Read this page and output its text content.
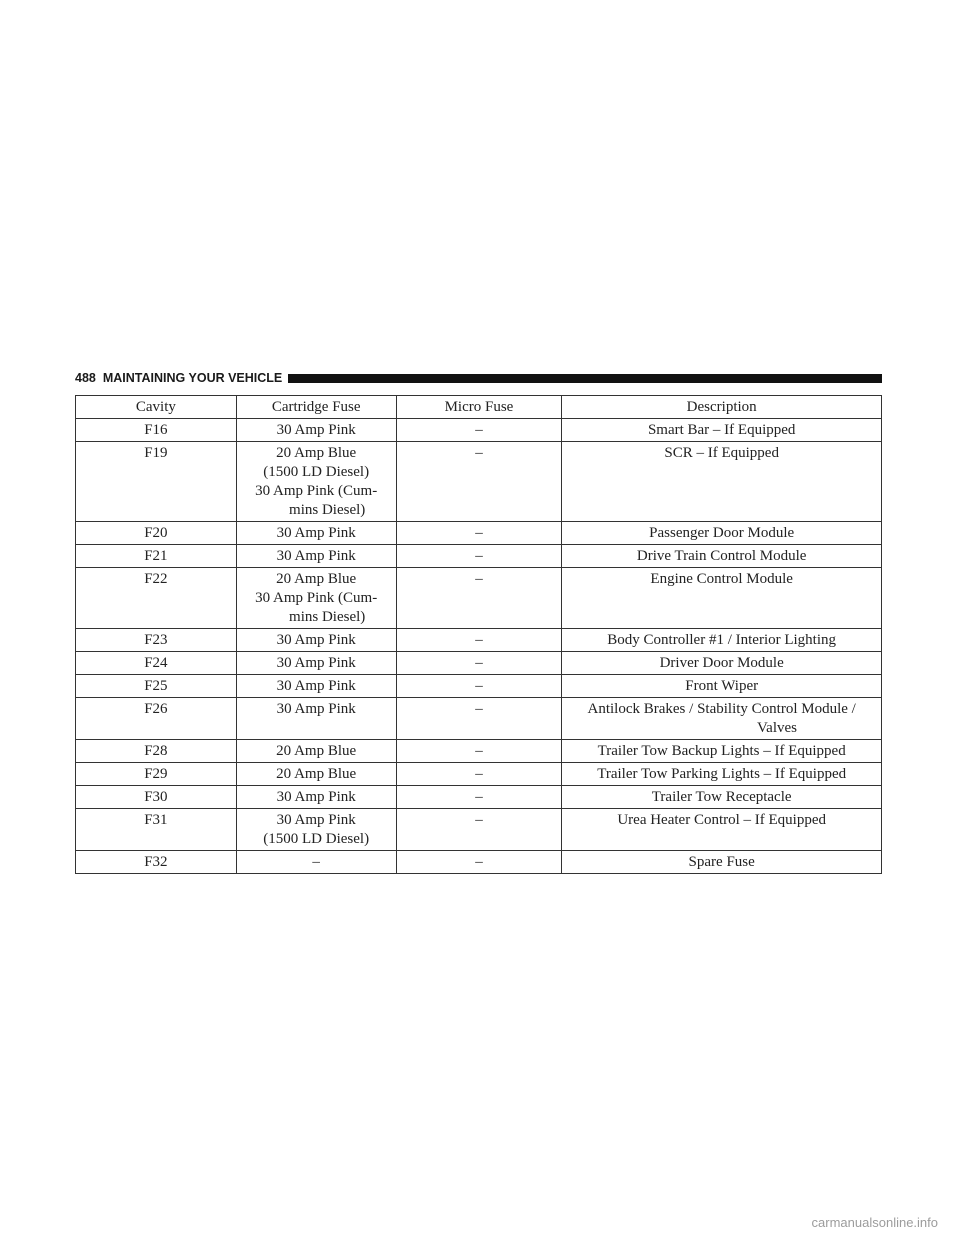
488 MAINTAINING YOUR VEHICLE
Cavity	Cartridge Fuse	Micro Fuse	Description
F16	30 Amp Pink	–	Smart Bar – If Equipped

F19	20 Amp Blue
(1500 LD Diesel)
30 Amp Pink (Cum-
mins Diesel)	–	SCR – If Equipped

F20	30 Amp Pink	–	Passenger Door Module

F21	30 Amp Pink	–	Drive Train Control Module

F22	20 Amp Blue
30 Amp Pink (Cum-
mins Diesel)	–	Engine Control Module

F23	30 Amp Pink	–	Body Controller #1 / Interior Lighting

F24	30 Amp Pink	–	Driver Door Module

F25	30 Amp Pink	–	Front Wiper

F26	30 Amp Pink	–	Antilock Brakes / Stability Control Module /
Valves

F28	20 Amp Blue	–	Trailer Tow Backup Lights – If Equipped

F29	20 Amp Blue	–	Trailer Tow Parking Lights – If Equipped

F30	30 Amp Pink	–	Trailer Tow Receptacle

F31	30 Amp Pink
(1500 LD Diesel)	–	Urea Heater Control – If Equipped

F32	–	–	Spare Fuse
carmanualsonline.info
